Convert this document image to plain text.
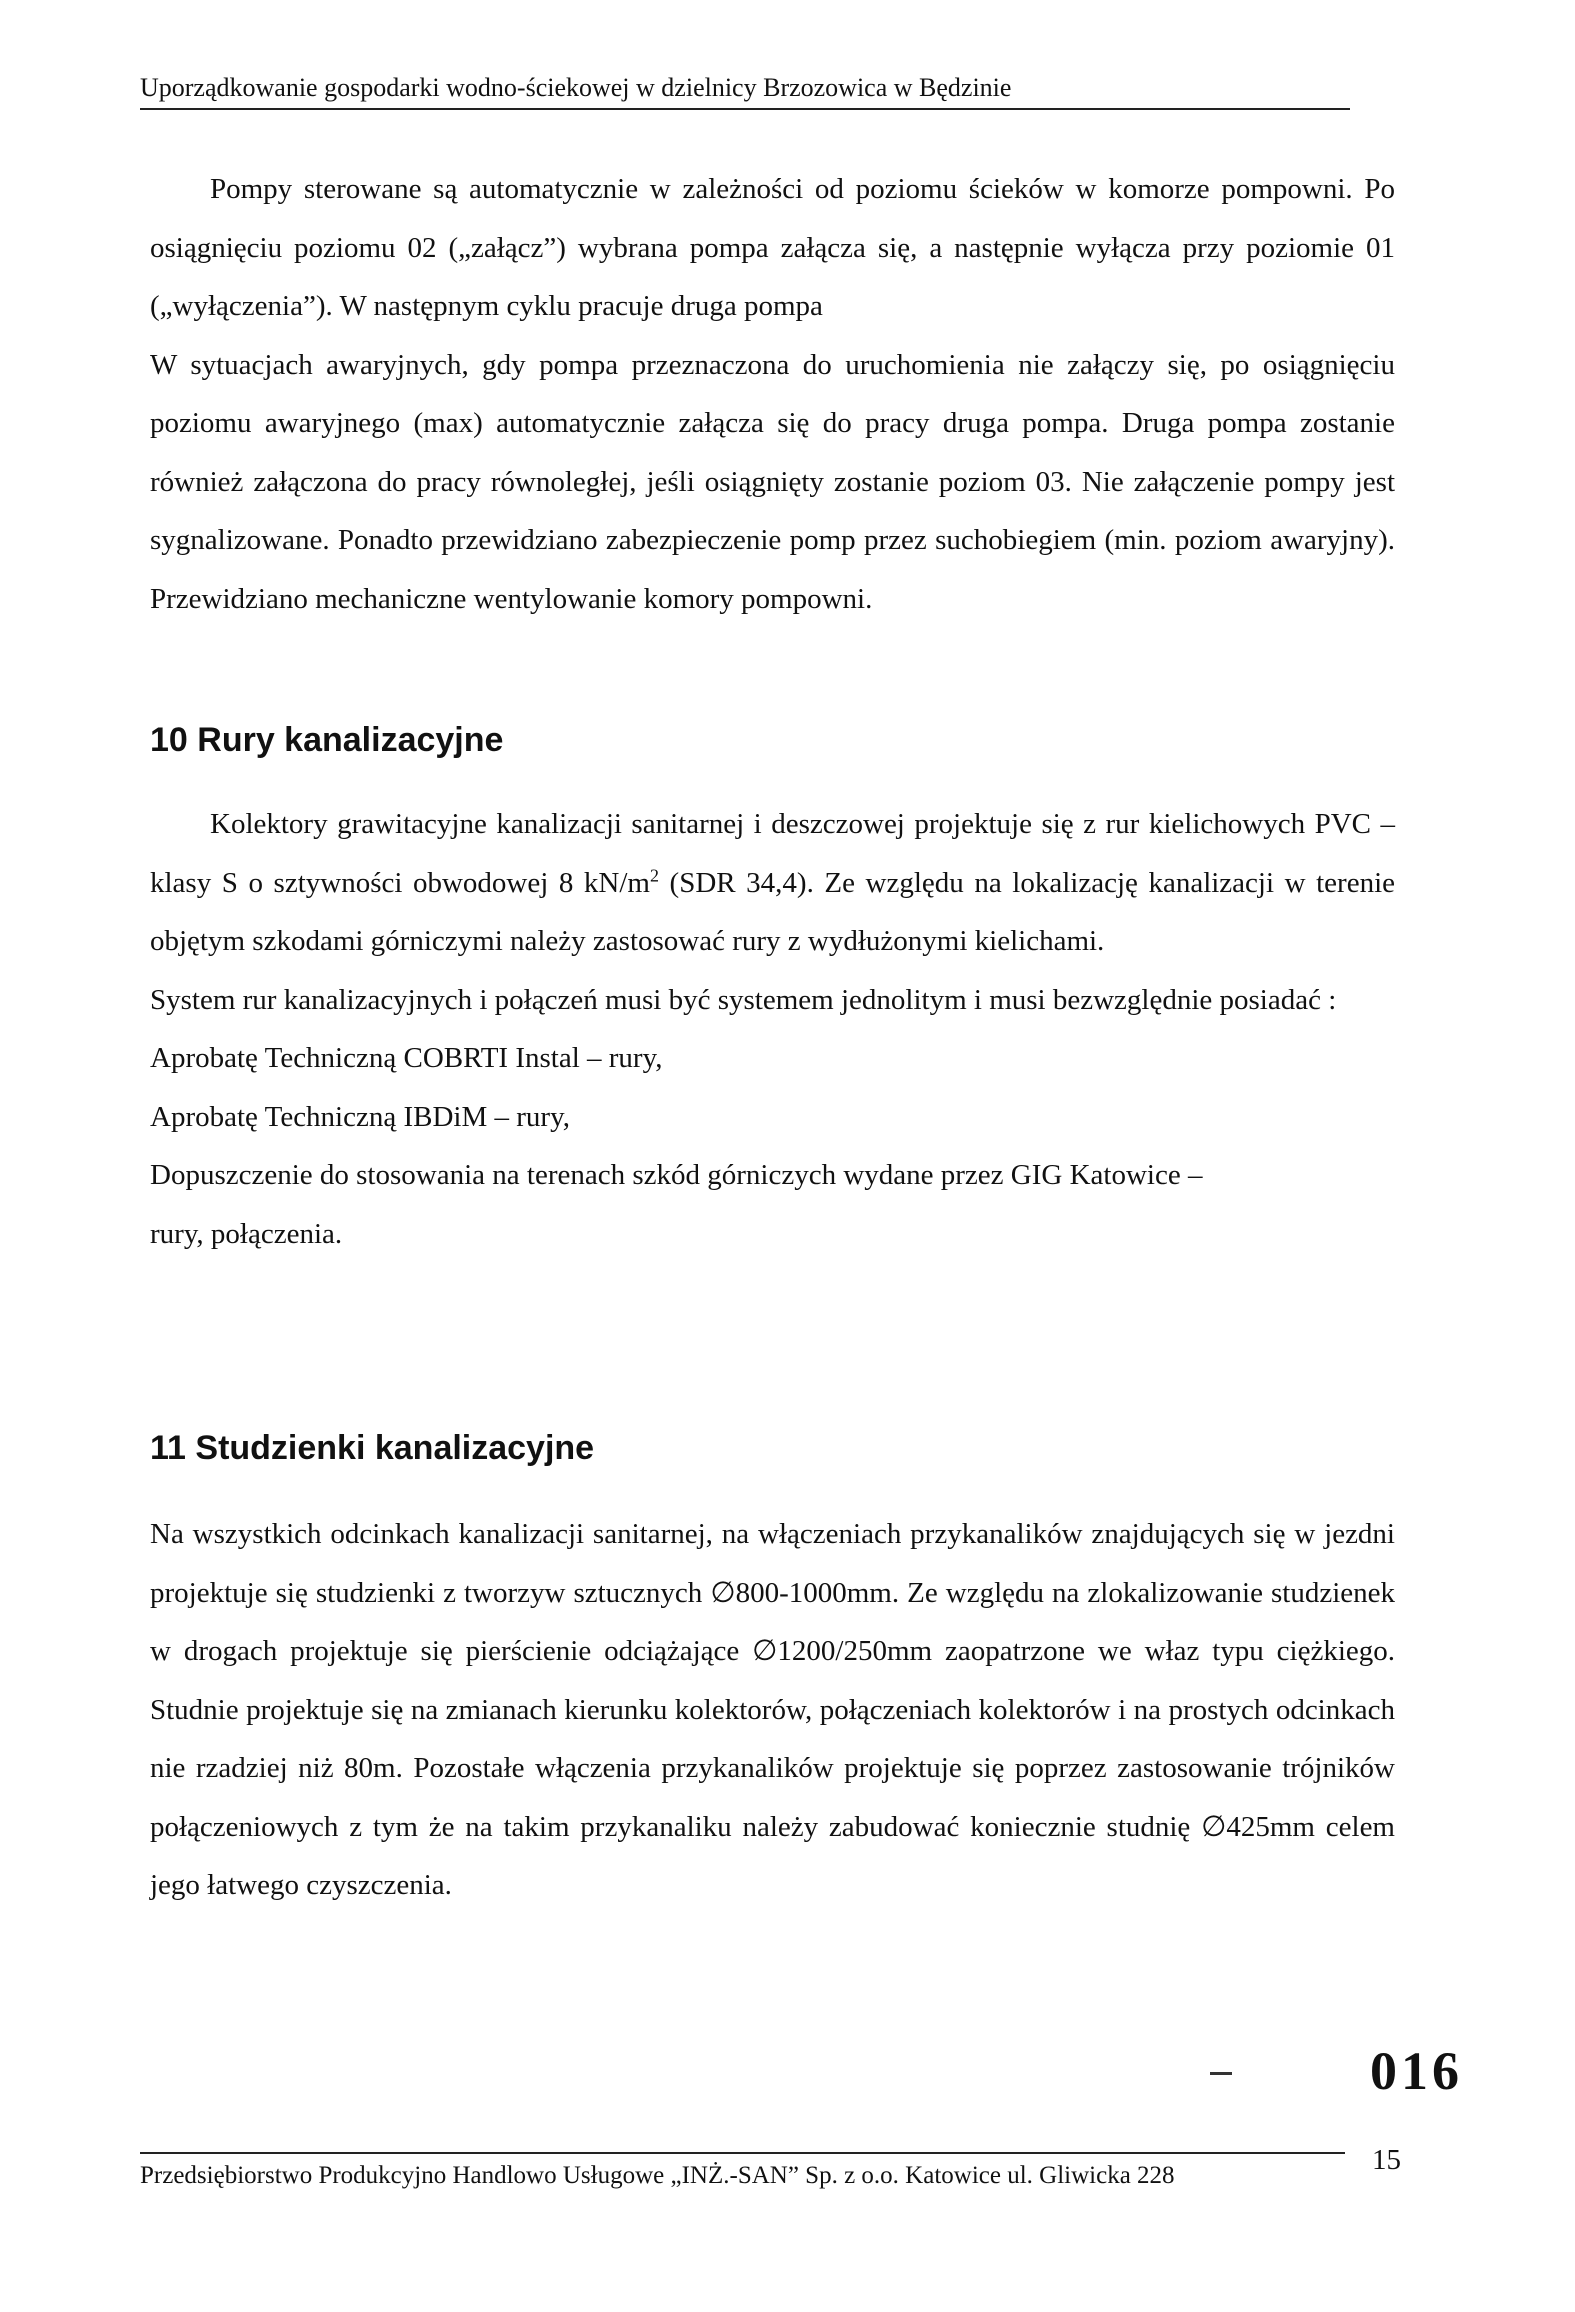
Uporządkowanie gospodarki wodno-ściekowej w dzielnicy Brzozowica w Będzinie

Pompy sterowane są automatycznie w zależności od poziomu ścieków w komorze pompowni. Po osiągnięciu poziomu 02 („załącz”) wybrana pompa załącza się, a następnie wyłącza przy poziomie 01 („wyłączenia”). W następnym cyklu pracuje druga pompa

W sytuacjach awaryjnych, gdy pompa przeznaczona do uruchomienia nie załączy się, po osiągnięciu poziomu awaryjnego (max) automatycznie załącza się do pracy druga pompa. Druga pompa zostanie również załączona do pracy równoległej, jeśli osiągnięty zostanie poziom 03. Nie załączenie pompy jest sygnalizowane. Ponadto przewidziano zabezpieczenie pomp przez suchobiegiem (min. poziom awaryjny). Przewidziano mechaniczne wentylowanie komory pompowni.

10 Rury kanalizacyjne

Kolektory grawitacyjne kanalizacji sanitarnej i deszczowej projektuje się z rur kielichowych PVC – klasy S o sztywności obwodowej 8 $kN/m^2$ (SDR 34,4). Ze względu na lokalizację kanalizacji w terenie objętym szkodami górniczymi należy zastosować rury z wydłużonymi kielichami.

System rur kanalizacyjnych i połączeń musi być systemem jednolitym i musi bezwzględnie posiadać :

Aprobatę Techniczną COBRTI Instal – rury,
Aprobatę Techniczną IBDiM – rury,
Dopuszczenie do stosowania na terenach szkód górniczych wydane przez GIG Katowice –
rury, połączenia.
11 Studzienki kanalizacyjne

Na wszystkich odcinkach kanalizacji sanitarnej, na włączeniach przykanalików znajdujących się w jezdni projektuje się studzienki z tworzyw sztucznych ∅800-1000mm. Ze względu na zlokalizowanie studzienek w drogach projektuje się pierścienie odciążające ∅1200/250mm zaopatrzone we właz typu ciężkiego. Studnie projektuje się na zmianach kierunku kolektorów, połączeniach kolektorów i na prostych odcinkach nie rzadziej niż 80m. Pozostałe włączenia przykanalików projektuje się poprzez zastosowanie trójników połączeniowych z tym że na takim przykanaliku należy zabudować koniecznie studnię ∅425mm celem jego łatwego czyszczenia.

016
Przedsiębiorstwo Produkcyjno Handlowo Usługowe „INŻ.-SAN” Sp. z o.o. Katowice ul. Gliwicka 228	15
